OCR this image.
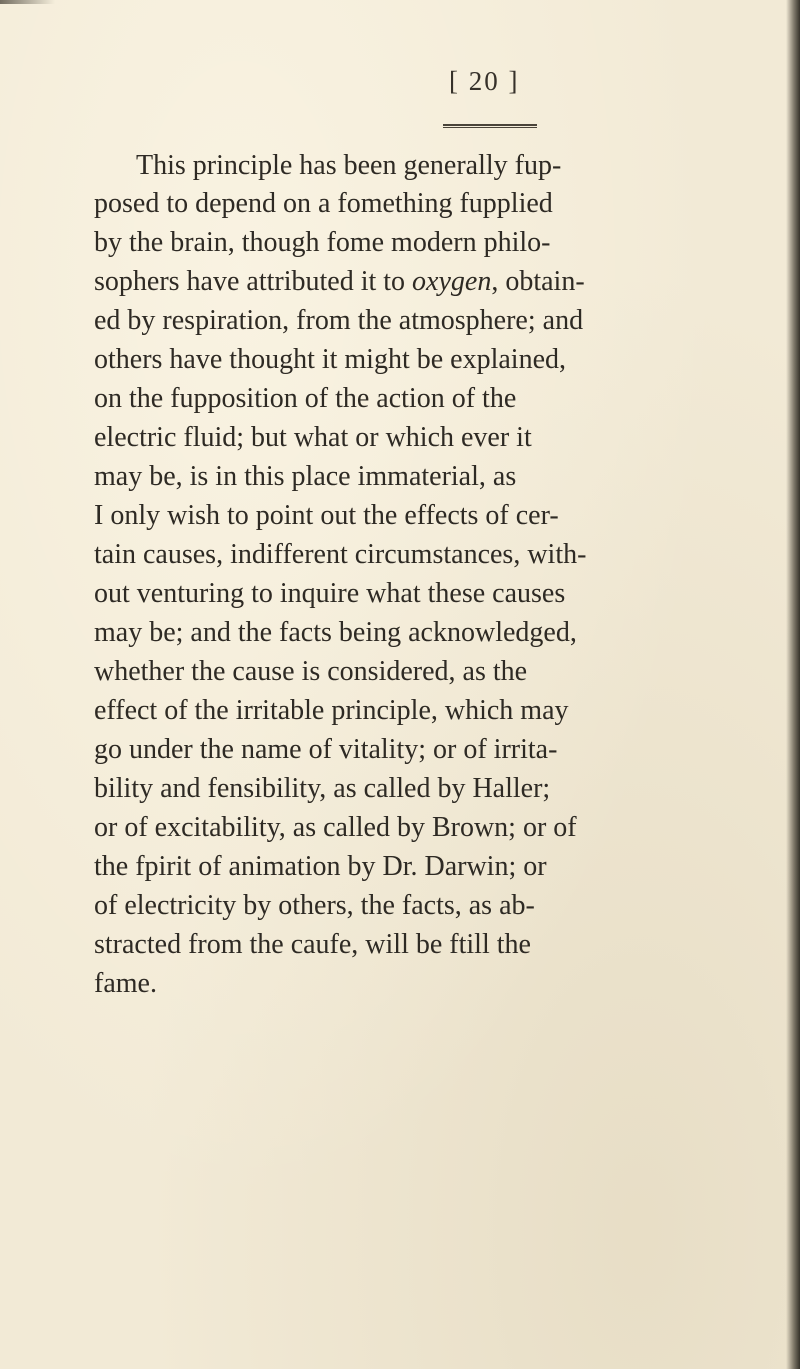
[ 20 ]
This principle has been generally fup-
posed to depend on a fomething fupplied
by the brain, though fome modern philo-
sophers have attributed it to oxygen, obtain-
ed by respiration, from the atmosphere; and
others have thought it might be explained,
on the fupposition of the action of the
electric fluid; but what or which ever it
may be, is in this place immaterial, as
I only wish to point out the effects of cer-
tain causes, indifferent circumstances, with-
out venturing to inquire what these causes
may be; and the facts being acknowledged,
whether the cause is considered, as the
effect of the irritable principle, which may
go under the name of vitality; or of irrita-
bility and fensibility, as called by Haller;
or of excitability, as called by Brown; or of
the fpirit of animation by Dr. Darwin; or
of electricity by others, the facts, as ab-
stracted from the caufe, will be ftill the
fame.
